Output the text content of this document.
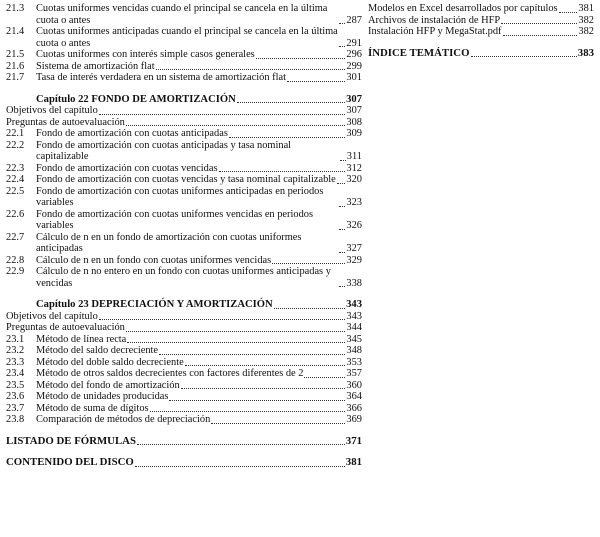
21.3	Cuotas uniformes vencidas cuando el principal se cancela en la última cuota o antes	287
21.4	Cuotas uniformes anticipadas cuando el principal se cancela en la última cuota o antes	291
21.5	Cuotas uniformes con interés simple casos generales	296
21.6	Sistema de amortización flat	299
21.7	Tasa de interés verdadera en un sistema de amortización flat	301
Capítulo 22 FONDO DE AMORTIZACIÓN	307
Objetivos del capítulo	307
Preguntas de autoevaluación	308
22.1	Fondo de amortización con cuotas anticipadas	309
22.2	Fondo de amortización con cuotas anticipadas y tasa nominal capitalizable	311
22.3	Fondo de amortización con cuotas vencidas	312
22.4	Fondo de amortización con cuotas vencidas y tasa nominal capitalizable 320
22.5	Fondo de amortización con cuotas uniformes anticipadas en periodos variables	323
22.6	Fondo de amortización con cuotas uniformes vencidas en periodos variables	326
22.7	Cálculo de n en un fondo de amortización con cuotas uniformes anticipadas	327
22.8	Cálculo de n en un fondo con cuotas uniformes vencidas	329
22.9	Cálculo de n no entero en un fondo con cuotas uniformes anticipadas y vencidas	338
Capítulo 23 DEPRECIACIÓN Y AMORTIZACIÓN	343
Objetivos del capítulo	343
Preguntas de autoevaluación	344
23.1	Método de línea recta	345
23.2	Método del saldo decreciente	348
23.3	Método del doble saldo decreciente	353
23.4	Método de otros saldos decrecientes con factores diferentes de 2	357
23.5	Método del fondo de amortización	360
23.6	Método de unidades producidas	364
23.7	Método de suma de dígitos	366
23.8	Comparación de métodos de depreciación	369
LISTADO DE FÓRMULAS	371
CONTENIDO DEL DISCO	381
Modelos en Excel desarrollados por capítulos 381
Archivos de instalación de HFP	382
Instalación HFP y MegaStat.pdf	382
ÍNDICE TEMÁTICO	383
